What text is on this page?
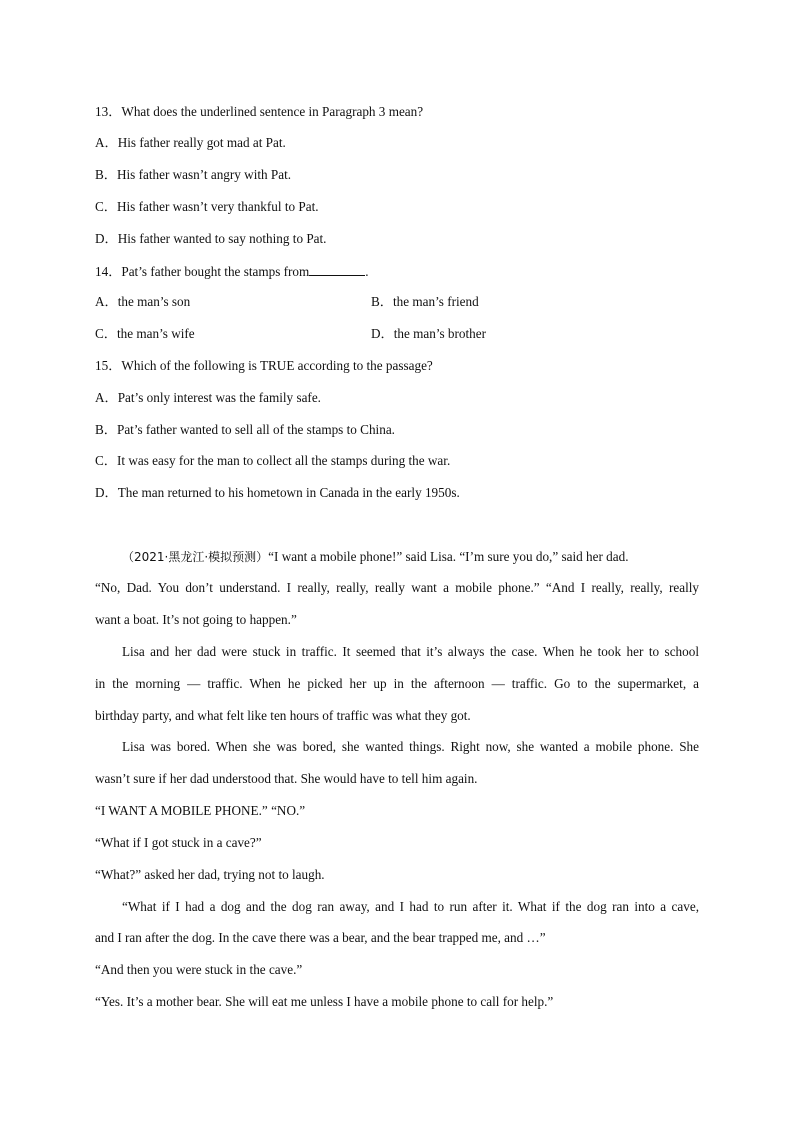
13．What does the underlined sentence in Paragraph 3 mean?
A．His father really got mad at Pat.
B．His father wasn’t angry with Pat.
C．His father wasn’t very thankful to Pat.
D．His father wanted to say nothing to Pat.
14．Pat’s father bought the stamps from	.
A．the man’s son	B．the man’s friend
C．the man’s wife	D．the man’s brother
15．Which of the following is TRUE according to the passage?
A．Pat’s only interest was the family safe.
B．Pat’s father wanted to sell all of the stamps to China.
C．It was easy for the man to collect all the stamps during the war.
D．The man returned to his hometown in Canada in the early 1950s.
（2021·黑龙江·模拟预测）“I want a mobile phone!” said Lisa. “I’m sure you do,” said her dad.
“No, Dad. You don’t understand. I really, really, really want a mobile phone.” “And I really, really, really
want a boat. It’s not going to happen.”
Lisa and her dad were stuck in traffic. It seemed that it’s always the case. When he took her to school
in the morning — traffic. When he picked her up in the afternoon — traffic. Go to the supermarket, a
birthday party, and what felt like ten hours of traffic was what they got.
Lisa was bored. When she was bored, she wanted things. Right now, she wanted a mobile phone. She
wasn’t sure if her dad understood that. She would have to tell him again.
“I WANT A MOBILE PHONE.” “NO.”
“What if I got stuck in a cave?”
“What?” asked her dad, trying not to laugh.
“What if I had a dog and the dog ran away, and I had to run after it. What if the dog ran into a cave,
and I ran after the dog. In the cave there was a bear, and the bear trapped me, and …”
“And then you were stuck in the cave.”
“Yes. It’s a mother bear. She will eat me unless I have a mobile phone to call for help.”
